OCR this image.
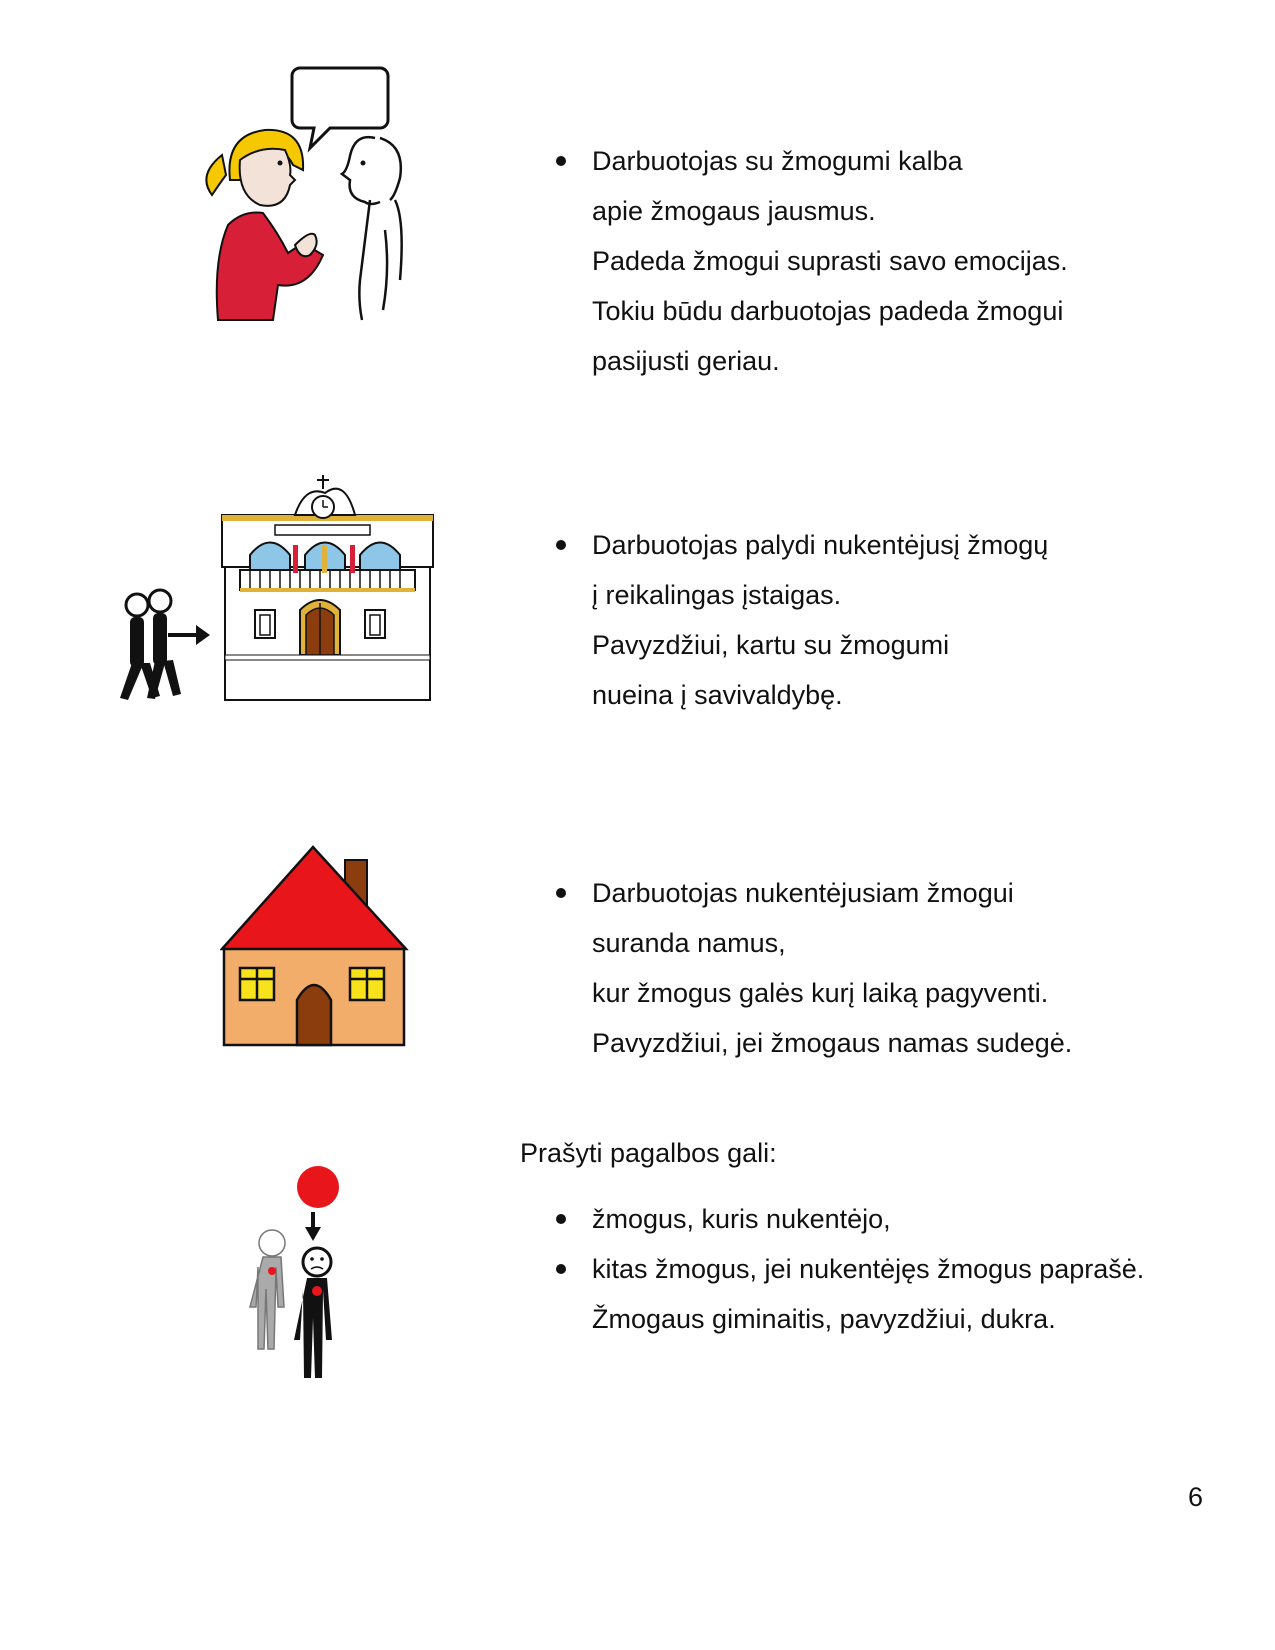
Darbuotojas su žmogumi kalba
apie žmogaus jausmus.
Padeda žmogui suprasti savo emocijas.
Tokiu būdu darbuotojas padeda žmogui
pasijusti geriau.
Darbuotojas palydi nukentėjusį žmogų
į reikalingas įstaigas.
Pavyzdžiui, kartu su žmogumi
nueina į savivaldybę.
Darbuotojas nukentėjusiam žmogui
suranda namus,
kur žmogus galės kurį laiką pagyventi.
Pavyzdžiui, jei žmogaus namas sudegė.
Prašyti pagalbos gali:
žmogus, kuris nukentėjo,
kitas žmogus, jei nukentėjęs žmogus paprašė.
Žmogaus giminaitis, pavyzdžiui, dukra.
6
